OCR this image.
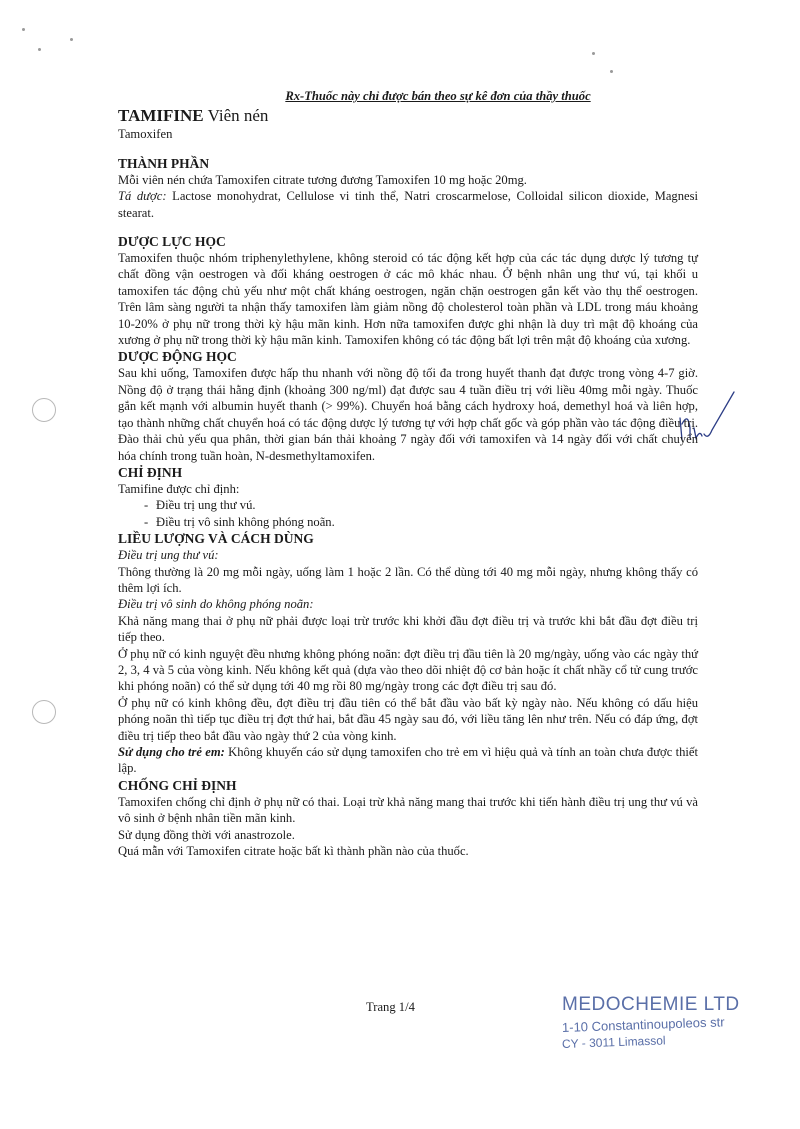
Rx-Thuốc này chỉ được bán theo sự kê đơn của thầy thuốc
TAMIFINE Viên nén
Tamoxifen
THÀNH PHẦN

Mỗi viên nén chứa Tamoxifen citrate tương đương Tamoxifen 10 mg hoặc 20mg.

Tá dược: Lactose monohydrat, Cellulose vi tinh thể, Natri croscarmelose, Colloidal silicon dioxide, Magnesi stearat.

DƯỢC LỰC HỌC

Tamoxifen thuộc nhóm triphenylethylene, không steroid có tác động kết hợp của các tác dụng dược lý tương tự chất đồng vận oestrogen và đối kháng oestrogen ở các mô khác nhau. Ở bệnh nhân ung thư vú, tại khối u tamoxifen tác động chủ yếu như một chất kháng oestrogen, ngăn chặn oestrogen gắn kết vào thụ thể oestrogen. Trên lâm sàng người ta nhận thấy tamoxifen làm giảm nồng độ cholesterol toàn phần và LDL trong máu khoảng 10-20% ở phụ nữ trong thời kỳ hậu mãn kinh. Hơn nữa tamoxifen được ghi nhận là duy trì mật độ khoáng của xương ở phụ nữ trong thời kỳ hậu mãn kinh. Tamoxifen không có tác động bất lợi trên mật độ khoáng của xương.

DƯỢC ĐỘNG HỌC

Sau khi uống, Tamoxifen được hấp thu nhanh với nồng độ tối đa trong huyết thanh đạt được trong vòng 4-7 giờ. Nồng độ ở trạng thái hằng định (khoảng 300 ng/ml) đạt được sau 4 tuần điều trị với liều 40mg mỗi ngày. Thuốc gắn kết mạnh với albumin huyết thanh (> 99%). Chuyển hoá bằng cách hydroxy hoá, demethyl hoá và liên hợp, tạo thành những chất chuyển hoá có tác động dược lý tương tự với hợp chất gốc và góp phần vào tác động điều trị. Đào thải chủ yếu qua phân, thời gian bán thải khoảng 7 ngày đối với tamoxifen và 14 ngày đối với chất chuyển hóa chính trong tuần hoàn, N-desmethyltamoxifen.

CHỈ ĐỊNH

Tamifine được chỉ định:

- Điều trị ung thư vú.
- Điều trị vô sinh không phóng noãn.
LIỀU LƯỢNG VÀ CÁCH DÙNG

Điều trị ung thư vú:

Thông thường là 20 mg mỗi ngày, uống làm 1 hoặc 2 lần. Có thể dùng tới 40 mg mỗi ngày, nhưng không thấy có thêm lợi ích.

Điều trị vô sinh do không phóng noãn:

Khả năng mang thai ở phụ nữ phải được loại trừ trước khi khởi đầu đợt điều trị và trước khi bắt đầu đợt điều trị tiếp theo.

Ở phụ nữ có kinh nguyệt đều nhưng không phóng noãn: đợt điều trị đầu tiên là 20 mg/ngày, uống vào các ngày thứ 2, 3, 4 và 5 của vòng kinh. Nếu không kết quả (dựa vào theo dõi nhiệt độ cơ bản hoặc ít chất nhầy cổ tử cung trước khi phóng noãn) có thể sử dụng tới 40 mg rồi 80 mg/ngày trong các đợt điều trị sau đó.

Ở phụ nữ có kinh không đều, đợt điều trị đầu tiên có thể bắt đầu vào bất kỳ ngày nào. Nếu không có dấu hiệu phóng noãn thì tiếp tục điều trị đợt thứ hai, bắt đầu 45 ngày sau đó, với liều tăng lên như trên. Nếu có đáp ứng, đợt điều trị tiếp theo bắt đầu vào ngày thứ 2 của vòng kinh.

Sử dụng cho trẻ em: Không khuyến cáo sử dụng tamoxifen cho trẻ em vì hiệu quả và tính an toàn chưa được thiết lập.

CHỐNG CHỈ ĐỊNH

Tamoxifen chống chỉ định ở phụ nữ có thai. Loại trừ khả năng mang thai trước khi tiến hành điều trị ung thư vú và vô sinh ở bệnh nhân tiền mãn kinh.

Sử dụng đồng thời với anastrozole.

Quá mẫn với Tamoxifen citrate hoặc bất kì thành phần nào của thuốc.

Trang 1/4	MEDOCHEMIE LTD
1-10 Constantinoupoleos str
CY - 3011 Limassol
